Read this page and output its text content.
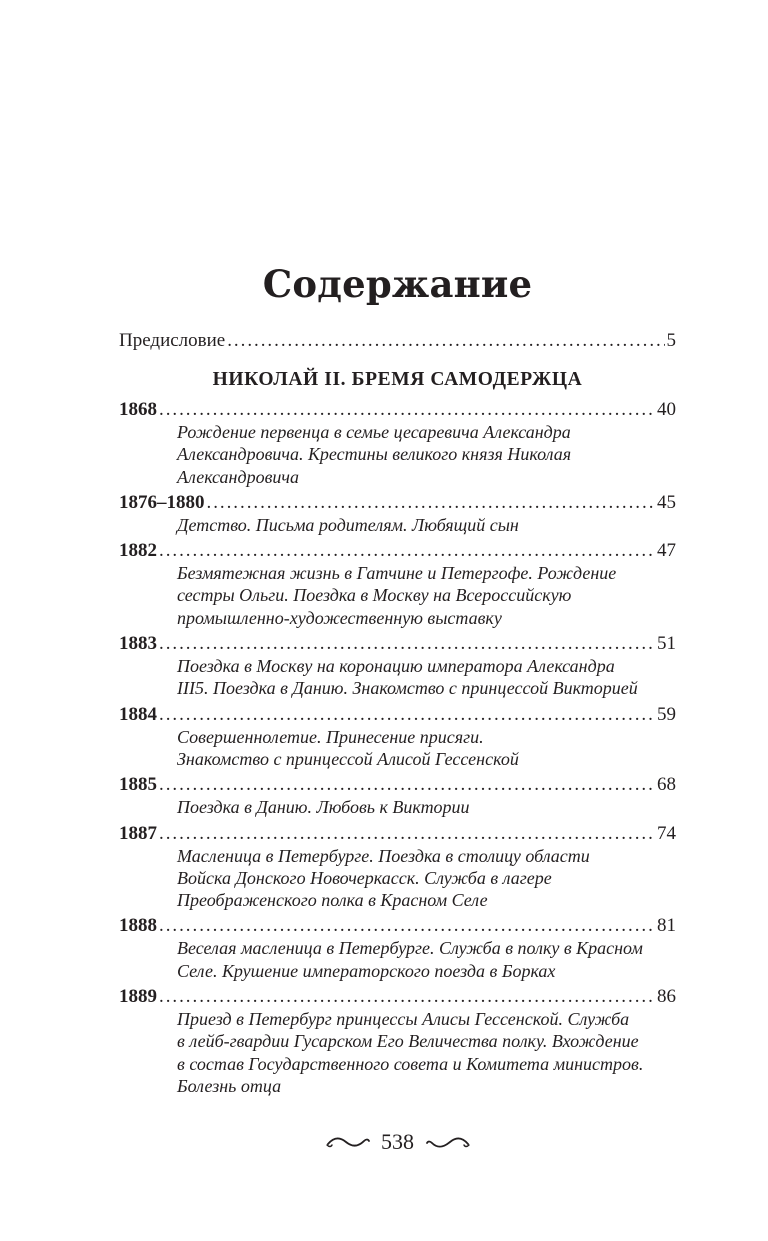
Содержание
Предисловие . . .	5
НИКОЛАЙ II. БРЕМЯ САМОДЕРЖЦА
1868 . . .	40
Рождение первенца в семье цесаревича Александра
Александровича. Крестины великого князя Николая
Александровича
1876–1880 . . .	45
Детство. Письма родителям. Любящий сын
1882 . . .	47
Безмятежная жизнь в Гатчине и Петергофе. Рождение
сестры Ольги. Поездка в Москву на Всероссийскую
промышленно-художественную выставку
1883 . . .	51
Поездка в Москву на коронацию императора Александра
III5. Поездка в Данию. Знакомство с принцессой Викторией
1884 . . .	59
Совершеннолетие. Принесение присяги.
Знакомство с принцессой Алисой Гессенской
1885 . . .	68
Поездка в Данию. Любовь к Виктории
1887 . . .	74
Масленица в Петербурге. Поездка в столицу области
Войска Донского Новочеркасск. Служба в лагере
Преображенского полка в Красном Селе
1888 . . .	81
Веселая масленица в Петербурге. Служба в полку в Красном
Селе. Крушение императорского поезда в Борках
1889 . . .	86
Приезд в Петербург принцессы Алисы Гессенской. Служба
в лейб-гвардии Гусарском Его Величества полку. Вхождение
в состав Государственного совета и Комитета министров.
Болезнь отца
538
